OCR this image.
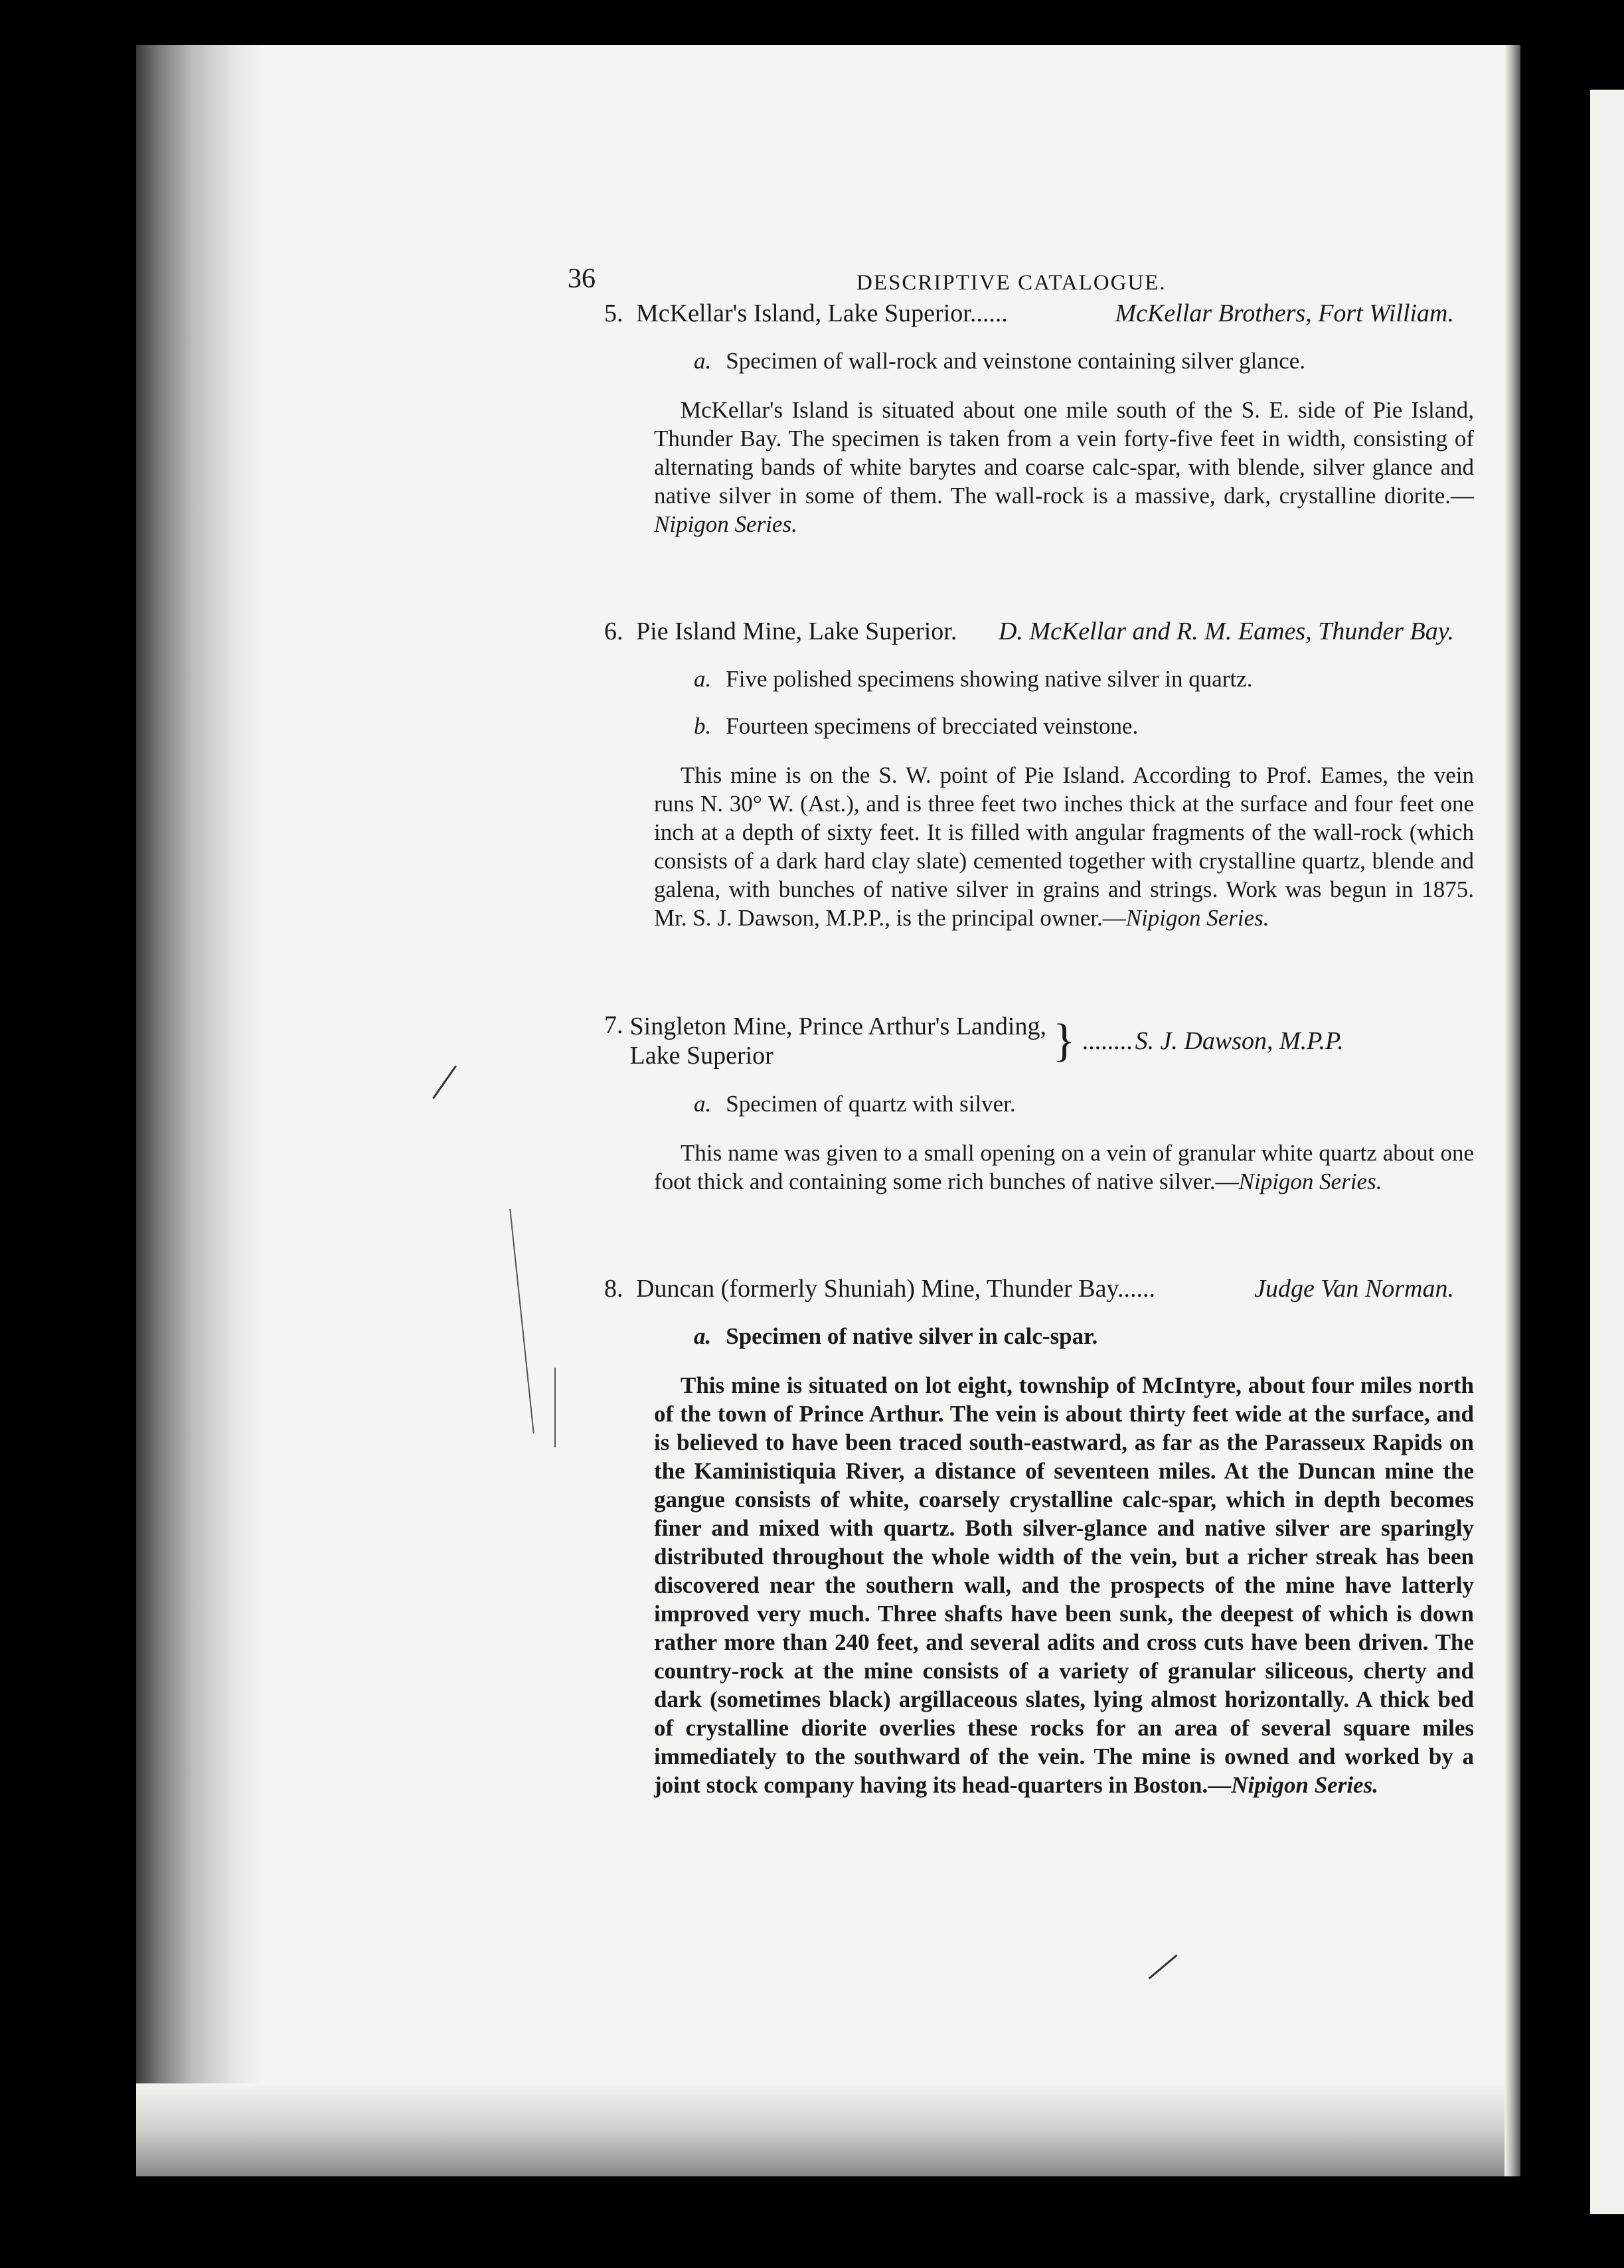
36	DESCRIPTIVE CATALOGUE.
5. McKellar's Island, Lake Superior......	McKellar Brothers, Fort William.
a. Specimen of wall-rock and veinstone containing silver glance.

McKellar's Island is situated about one mile south of the S. E. side of Pie Island, Thunder Bay. The specimen is taken from a vein forty-five feet in width, consisting of alternating bands of white barytes and coarse calc-spar, with blende, silver glance and native silver in some of them. The wall-rock is a massive, dark, crystalline diorite.—Nipigon Series.

6. Pie Island Mine, Lake Superior. D. McKellar and R. M. Eames, Thunder Bay.
a. Five polished specimens showing native silver in quartz.
b. Fourteen specimens of brecciated veinstone.

This mine is on the S. W. point of Pie Island. According to Prof. Eames, the vein runs N. 30° W. (Ast.), and is three feet two inches thick at the surface and four feet one inch at a depth of sixty feet. It is filled with angular fragments of the wall-rock (which consists of a dark hard clay slate) cemented together with crystalline quartz, blende and galena, with bunches of native silver in grains and strings. Work was begun in 1875. Mr. S. J. Dawson, M.P.P., is the principal owner.—Nipigon Series.

7. Singleton Mine, Prince Arthur's Landing,
Lake Superior	} ........ S. J. Dawson, M.P.P.
a. Specimen of quartz with silver.

This name was given to a small opening on a vein of granular white quartz about one foot thick and containing some rich bunches of native silver.—Nipigon Series.

8. Duncan (formerly Shuniah) Mine, Thunder Bay......	Judge Van Norman.
a. Specimen of native silver in calc-spar.

This mine is situated on lot eight, township of McIntyre, about four miles north of the town of Prince Arthur. The vein is about thirty feet wide at the surface, and is believed to have been traced south-eastward, as far as the Parasseux Rapids on the Kaministiquia River, a distance of seventeen miles. At the Duncan mine the gangue consists of white, coarsely crystalline calc-spar, which in depth becomes finer and mixed with quartz. Both silver-glance and native silver are sparingly distributed throughout the whole width of the vein, but a richer streak has been discovered near the southern wall, and the prospects of the mine have latterly improved very much. Three shafts have been sunk, the deepest of which is down rather more than 240 feet, and several adits and cross cuts have been driven. The country-rock at the mine consists of a variety of granular siliceous, cherty and dark (sometimes black) argillaceous slates, lying almost horizontally. A thick bed of crystalline diorite overlies these rocks for an area of several square miles immediately to the southward of the vein. The mine is owned and worked by a joint stock company having its head-quarters in Boston.—Nipigon Series.
